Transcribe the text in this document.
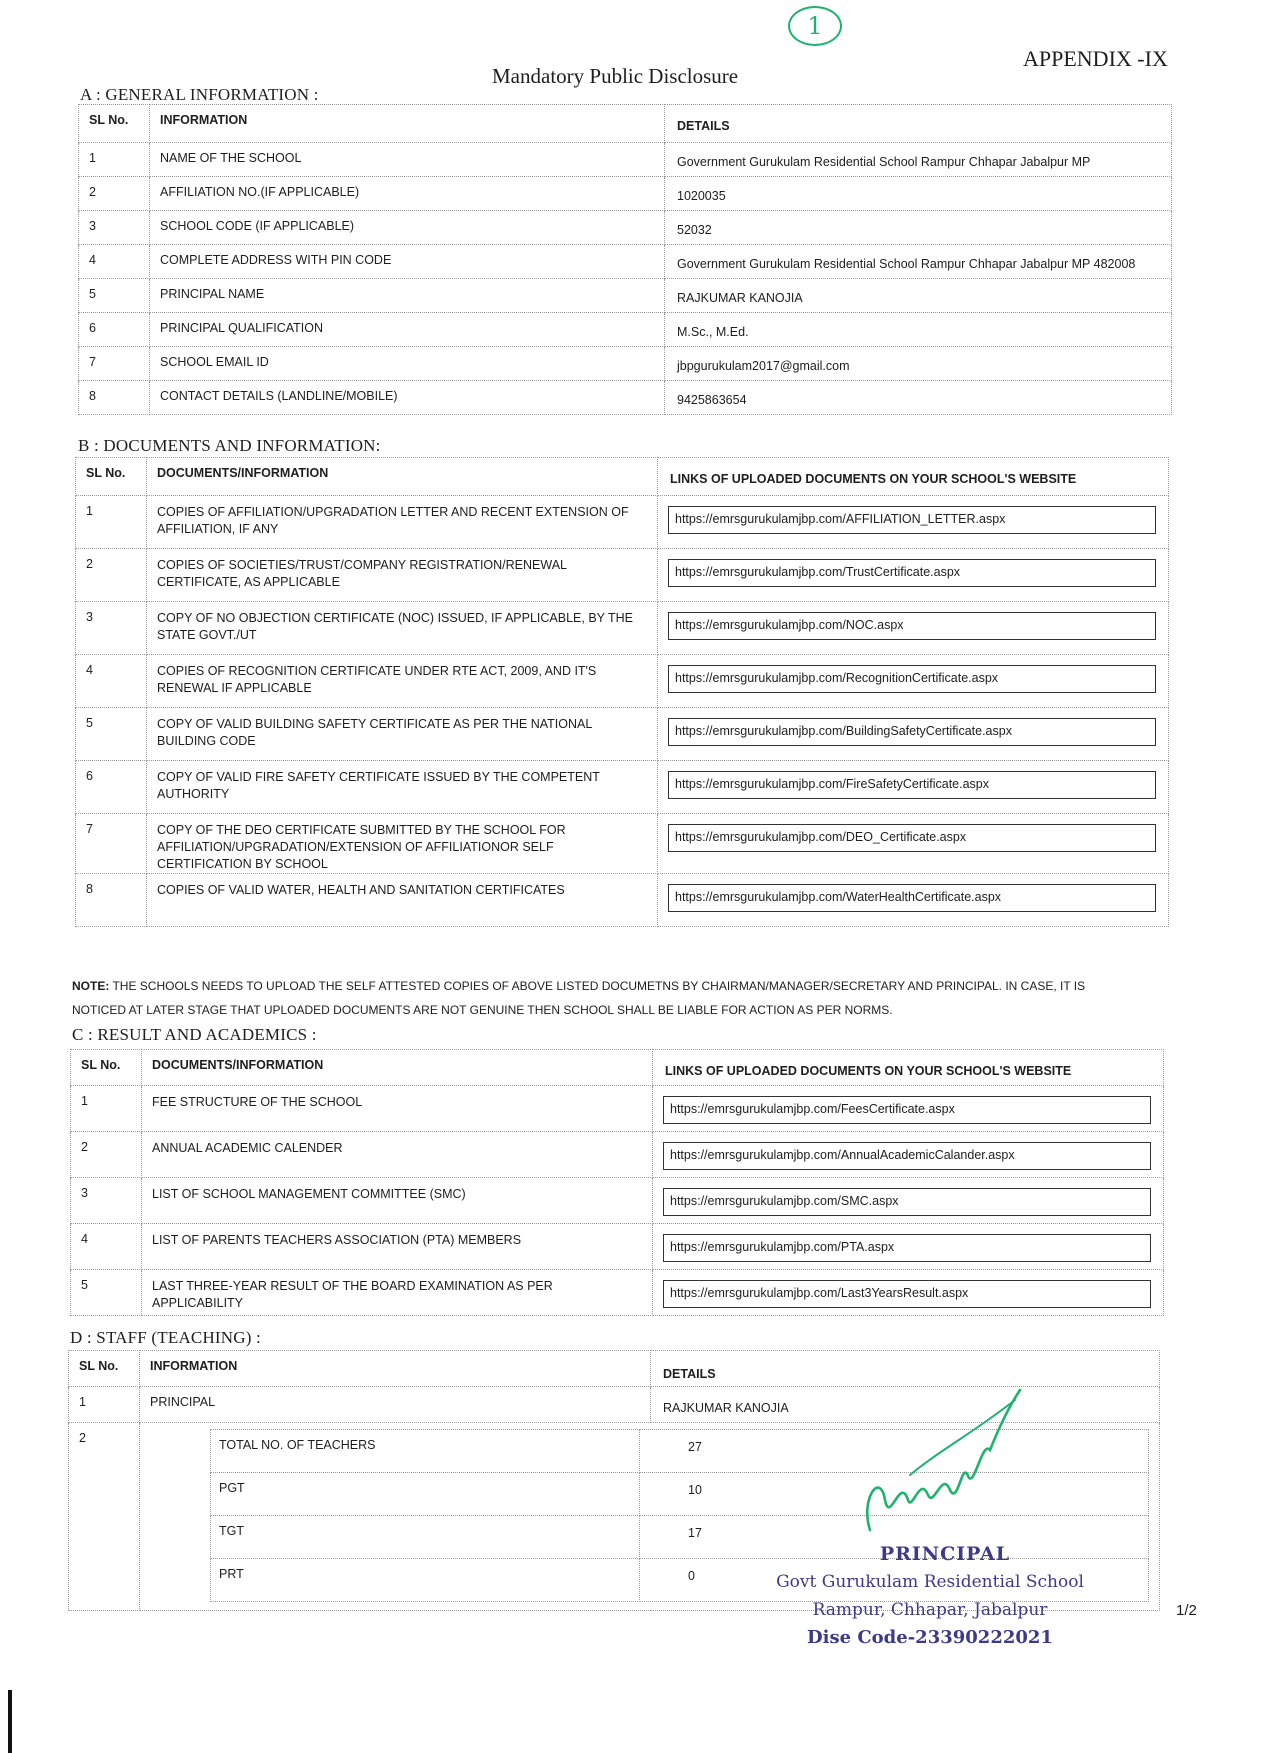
1
APPENDIX -IX
Mandatory Public Disclosure
A : GENERAL INFORMATION :
SL No.	INFORMATION	DETAILS
1	NAME OF THE SCHOOL	Government Gurukulam Residential School Rampur Chhapar Jabalpur MP
2	AFFILIATION NO.(IF APPLICABLE)	1020035
3	SCHOOL CODE (IF APPLICABLE)	52032
4	COMPLETE ADDRESS WITH PIN CODE	Government Gurukulam Residential School Rampur Chhapar Jabalpur MP 482008
5	PRINCIPAL NAME	RAJKUMAR KANOJIA
6	PRINCIPAL QUALIFICATION	M.Sc., M.Ed.
7	SCHOOL EMAIL ID	jbpgurukulam2017@gmail.com
8	CONTACT DETAILS (LANDLINE/MOBILE)	9425863654
B : DOCUMENTS AND INFORMATION:
SL No.	DOCUMENTS/INFORMATION	LINKS OF UPLOADED DOCUMENTS ON YOUR SCHOOL'S WEBSITE
1	COPIES OF AFFILIATION/UPGRADATION LETTER AND RECENT EXTENSION OF AFFILIATION, IF ANY	https://emrsgurukulamjbp.com/AFFILIATION_LETTER.aspx

2	COPIES OF SOCIETIES/TRUST/COMPANY REGISTRATION/RENEWAL CERTIFICATE, AS APPLICABLE	https://emrsgurukulamjbp.com/TrustCertificate.aspx

3	COPY OF NO OBJECTION CERTIFICATE (NOC) ISSUED, IF APPLICABLE, BY THE STATE GOVT./UT	https://emrsgurukulamjbp.com/NOC.aspx

4	COPIES OF RECOGNITION CERTIFICATE UNDER RTE ACT, 2009, AND IT'S RENEWAL IF APPLICABLE	https://emrsgurukulamjbp.com/RecognitionCertificate.aspx

5	COPY OF VALID BUILDING SAFETY CERTIFICATE AS PER THE NATIONAL BUILDING CODE	https://emrsgurukulamjbp.com/BuildingSafetyCertificate.aspx

6	COPY OF VALID FIRE SAFETY CERTIFICATE ISSUED BY THE COMPETENT AUTHORITY	https://emrsgurukulamjbp.com/FireSafetyCertificate.aspx

7	COPY OF THE DEO CERTIFICATE SUBMITTED BY THE SCHOOL FOR AFFILIATION/UPGRADATION/EXTENSION OF AFFILIATIONOR SELF CERTIFICATION BY SCHOOL	https://emrsgurukulamjbp.com/DEO_Certificate.aspx

8	COPIES OF VALID WATER, HEALTH AND SANITATION CERTIFICATES	https://emrsgurukulamjbp.com/WaterHealthCertificate.aspx
NOTE: THE SCHOOLS NEEDS TO UPLOAD THE SELF ATTESTED COPIES OF ABOVE LISTED DOCUMETNS BY CHAIRMAN/MANAGER/SECRETARY AND PRINCIPAL. IN CASE, IT IS NOTICED AT LATER STAGE THAT UPLOADED DOCUMENTS ARE NOT GENUINE THEN SCHOOL SHALL BE LIABLE FOR ACTION AS PER NORMS.
C : RESULT AND ACADEMICS :
SL No.	DOCUMENTS/INFORMATION	LINKS OF UPLOADED DOCUMENTS ON YOUR SCHOOL'S WEBSITE
1	FEE STRUCTURE OF THE SCHOOL	https://emrsgurukulamjbp.com/FeesCertificate.aspx

2	ANNUAL ACADEMIC CALENDER	https://emrsgurukulamjbp.com/AnnualAcademicCalander.aspx

3	LIST OF SCHOOL MANAGEMENT COMMITTEE (SMC)	https://emrsgurukulamjbp.com/SMC.aspx

4	LIST OF PARENTS TEACHERS ASSOCIATION (PTA) MEMBERS	https://emrsgurukulamjbp.com/PTA.aspx

5	LAST THREE-YEAR RESULT OF THE BOARD EXAMINATION AS PER APPLICABILITY	https://emrsgurukulamjbp.com/Last3YearsResult.aspx
D : STAFF (TEACHING) :
SL No.	INFORMATION	DETAILS
1	PRINCIPAL	RAJKUMAR KANOJIA
2		TOTAL NO. OF TEACHERS	27
PGT	10
TGT	17
PRT	0
PRINCIPAL
Govt Gurukulam Residential School
Rampur, Chhapar, Jabalpur
Dise Code-23390222021
1/2
